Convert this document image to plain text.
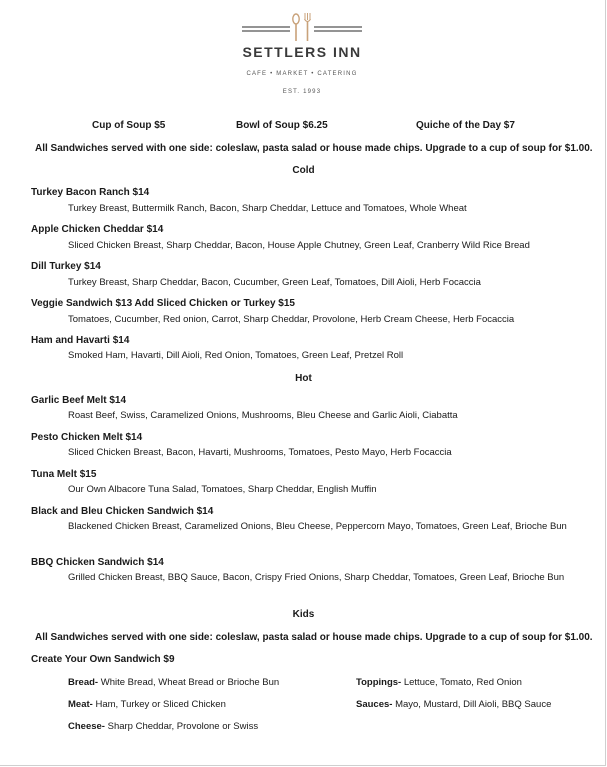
SETTLERS INN
CAFE • MARKET • CATERING
EST. 1993
Cup of Soup $5	Bowl of Soup $6.25	Quiche of the Day $7
All Sandwiches served with one side: coleslaw, pasta salad or house made chips. Upgrade to a cup of soup for $1.00.
Cold
Turkey Bacon Ranch $14
Turkey Breast, Buttermilk Ranch, Bacon, Sharp Cheddar, Lettuce and Tomatoes, Whole Wheat
Apple Chicken Cheddar $14
Sliced Chicken Breast, Sharp Cheddar, Bacon, House Apple Chutney, Green Leaf, Cranberry Wild Rice Bread
Dill Turkey $14
Turkey Breast, Sharp Cheddar, Bacon, Cucumber, Green Leaf, Tomatoes, Dill Aioli, Herb Focaccia
Veggie Sandwich $13 Add Sliced Chicken or Turkey $15
Tomatoes, Cucumber, Red onion, Carrot, Sharp Cheddar, Provolone, Herb Cream Cheese, Herb Focaccia
Ham and Havarti $14
Smoked Ham, Havarti, Dill Aioli, Red Onion, Tomatoes, Green Leaf, Pretzel Roll
Hot
Garlic Beef Melt $14
Roast Beef, Swiss, Caramelized Onions, Mushrooms, Bleu Cheese and Garlic Aioli, Ciabatta
Pesto Chicken Melt $14
Sliced Chicken Breast, Bacon, Havarti, Mushrooms, Tomatoes, Pesto Mayo, Herb Focaccia
Tuna Melt $15
Our Own Albacore Tuna Salad, Tomatoes, Sharp Cheddar, English Muffin
Black and Bleu Chicken Sandwich $14
Blackened Chicken Breast, Caramelized Onions, Bleu Cheese, Peppercorn Mayo, Tomatoes, Green Leaf, Brioche Bun
BBQ Chicken Sandwich $14
Grilled Chicken Breast, BBQ Sauce, Bacon, Crispy Fried Onions, Sharp Cheddar, Tomatoes, Green Leaf, Brioche Bun
Kids
All Sandwiches served with one side: coleslaw, pasta salad or house made chips. Upgrade to a cup of soup for $1.00.
Create Your Own Sandwich $9
Bread- White Bread, Wheat Bread or Brioche Bun
Meat- Ham, Turkey or Sliced Chicken
Cheese- Sharp Cheddar, Provolone or Swiss
Toppings- Lettuce, Tomato, Red Onion
Sauces- Mayo, Mustard, Dill Aioli, BBQ Sauce
